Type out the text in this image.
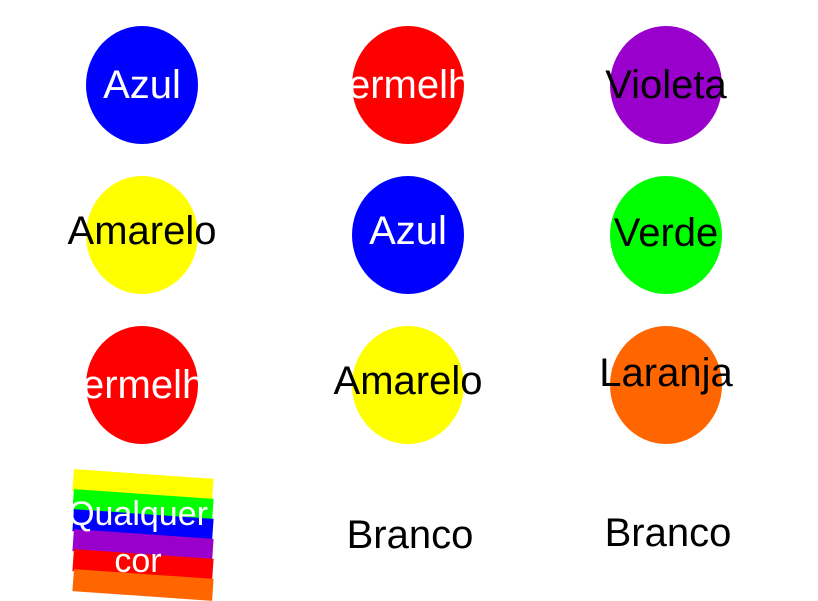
Azul	Vermelho	Violeta
Amarelo	Azul	Verde
Vermelho	Amarelo	Laranja
Qualquer
cor
Branco	Branco
